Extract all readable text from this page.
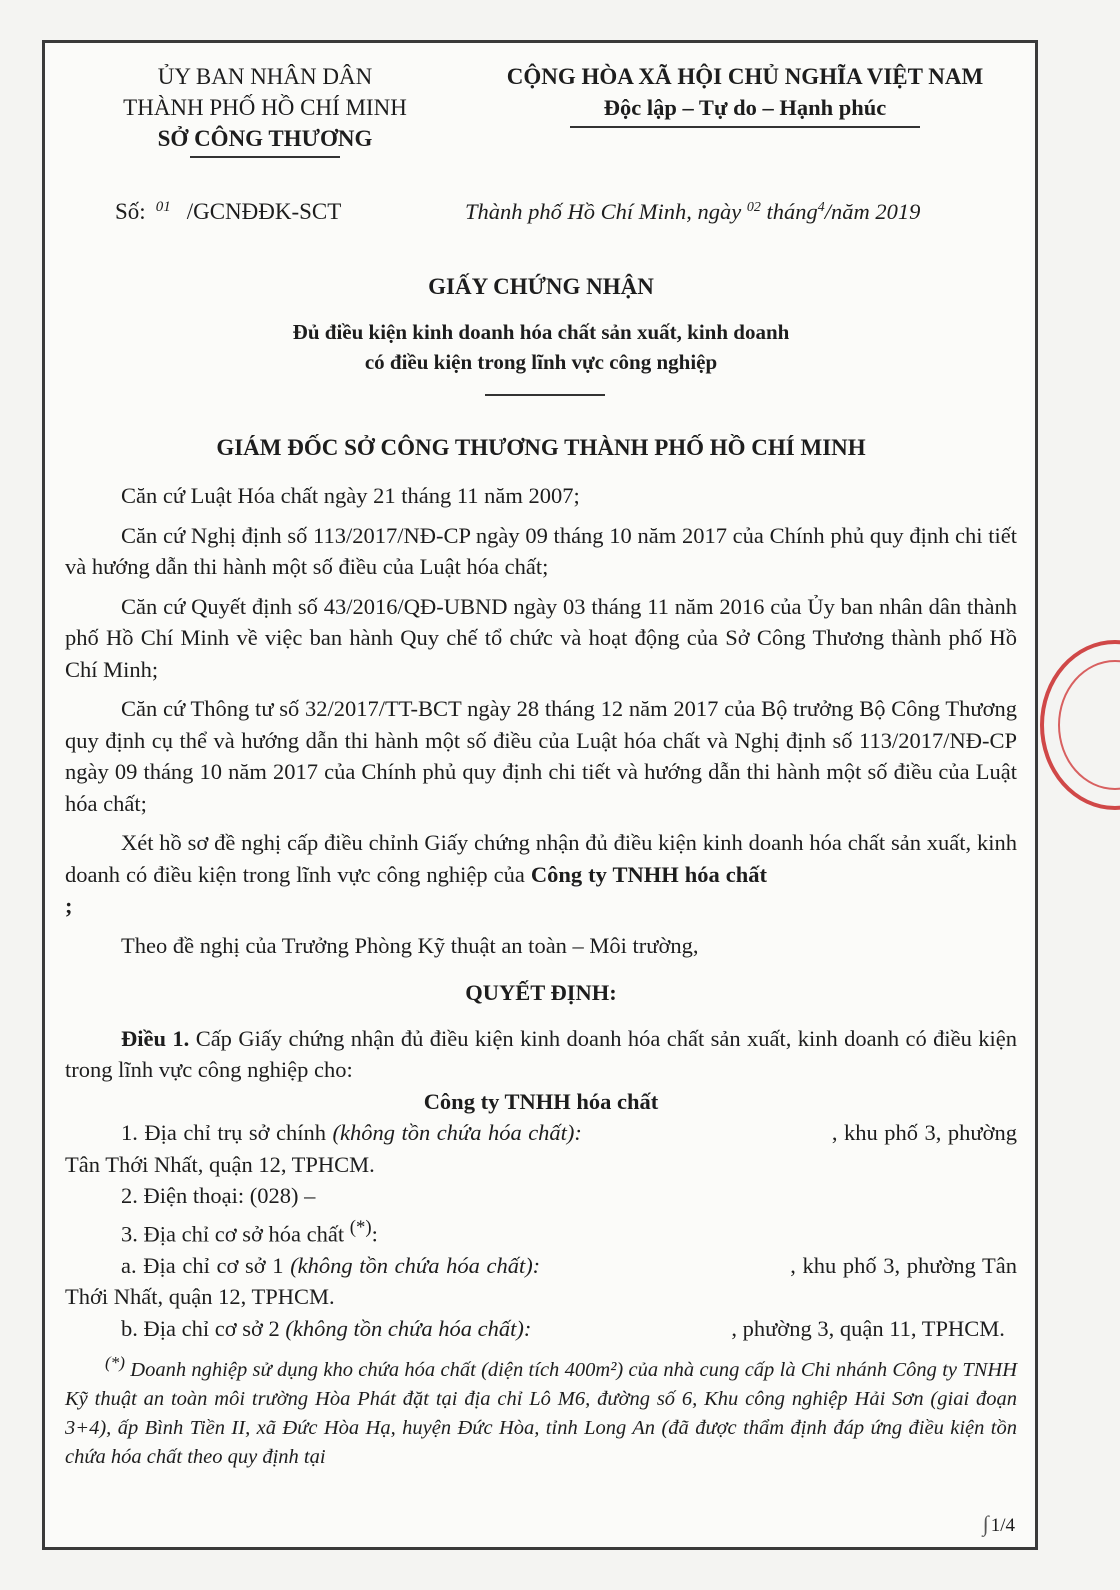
ỦY BAN NHÂN DÂN
THÀNH PHỐ HỒ CHÍ MINH
SỞ CÔNG THƯƠNG
CỘNG HÒA XÃ HỘI CHỦ NGHĨA VIỆT NAM
Độc lập – Tự do – Hạnh phúc
Số: $^{01}$ /GCNĐĐK-SCT	Thành phố Hồ Chí Minh, ngày $^{02}$ tháng$^4$/năm 2019
GIẤY CHỨNG NHẬN
Đủ điều kiện kinh doanh hóa chất sản xuất, kinh doanh
có điều kiện trong lĩnh vực công nghiệp
GIÁM ĐỐC SỞ CÔNG THƯƠNG THÀNH PHỐ HỒ CHÍ MINH

Căn cứ Luật Hóa chất ngày 21 tháng 11 năm 2007;

Căn cứ Nghị định số 113/2017/NĐ-CP ngày 09 tháng 10 năm 2017 của Chính phủ quy định chi tiết và hướng dẫn thi hành một số điều của Luật hóa chất;

Căn cứ Quyết định số 43/2016/QĐ-UBND ngày 03 tháng 11 năm 2016 của Ủy ban nhân dân thành phố Hồ Chí Minh về việc ban hành Quy chế tổ chức và hoạt động của Sở Công Thương thành phố Hồ Chí Minh;

Căn cứ Thông tư số 32/2017/TT-BCT ngày 28 tháng 12 năm 2017 của Bộ trưởng Bộ Công Thương quy định cụ thể và hướng dẫn thi hành một số điều của Luật hóa chất và Nghị định số 113/2017/NĐ-CP ngày 09 tháng 10 năm 2017 của Chính phủ quy định chi tiết và hướng dẫn thi hành một số điều của Luật hóa chất;

Xét hồ sơ đề nghị cấp điều chỉnh Giấy chứng nhận đủ điều kiện kinh doanh hóa chất sản xuất, kinh doanh có điều kiện trong lĩnh vực công nghiệp của Công ty TNHH hóa chất;

Theo đề nghị của Trưởng Phòng Kỹ thuật an toàn – Môi trường,

QUYẾT ĐỊNH:

Điều 1. Cấp Giấy chứng nhận đủ điều kiện kinh doanh hóa chất sản xuất, kinh doanh có điều kiện trong lĩnh vực công nghiệp cho:

Công ty TNHH hóa chất

1. Địa chỉ trụ sở chính (không tồn chứa hóa chất):	, khu phố 3, phường Tân Thới Nhất, quận 12, TPHCM.

2. Điện thoại: (028) –

3. Địa chỉ cơ sở hóa chất (*):

a. Địa chỉ cơ sở 1 (không tồn chứa hóa chất):	, khu phố 3, phường Tân Thới Nhất, quận 12, TPHCM.

b. Địa chỉ cơ sở 2 (không tồn chứa hóa chất):	, phường 3, quận 11, TPHCM.

(*) Doanh nghiệp sử dụng kho chứa hóa chất (diện tích 400m²) của nhà cung cấp là Chi nhánh Công ty TNHH Kỹ thuật an toàn môi trường Hòa Phát đặt tại địa chỉ Lô M6, đường số 6, Khu công nghiệp Hải Sơn (giai đoạn 3+4), ấp Bình Tiền II, xã Đức Hòa Hạ, huyện Đức Hòa, tỉnh Long An (đã được thẩm định đáp ứng điều kiện tồn chứa hóa chất theo quy định tại

∫ 1/4
